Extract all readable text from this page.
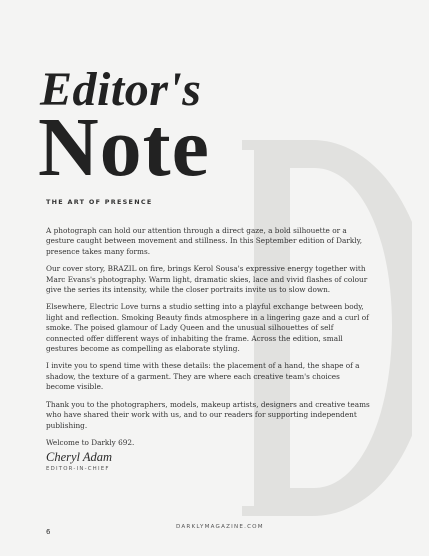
Editor's
Note

THE ART OF PRESENCE

A photograph can hold our attention through a direct gaze, a bold silhouette or a gesture caught between movement and stillness. In this September edition of Darkly, presence takes many forms.

Our cover story, BRAZIL on fire, brings Kerol Sousa's expressive energy together with Marc Evans's photography. Warm light, dramatic skies, lace and vivid flashes of colour give the series its intensity, while the closer portraits invite us to slow down.

Elsewhere, Electric Love turns a studio setting into a playful exchange between body, light and reflection. Smoking Beauty finds atmosphere in a lingering gaze and a curl of smoke. The poised glamour of Lady Queen and the unusual silhouettes of self connected offer different ways of inhabiting the frame. Across the edition, small gestures become as compelling as elaborate styling.

I invite you to spend time with these details: the placement of a hand, the shape of a shadow, the texture of a garment. They are where each creative team's choices become visible.

Thank you to the photographers, models, makeup artists, designers and creative teams who have shared their work with us, and to our readers for supporting independent publishing.

Welcome to Darkly 692.

Cheryl Adam

EDITOR-IN-CHIEF

6

DARKLYMAGAZINE.COM
